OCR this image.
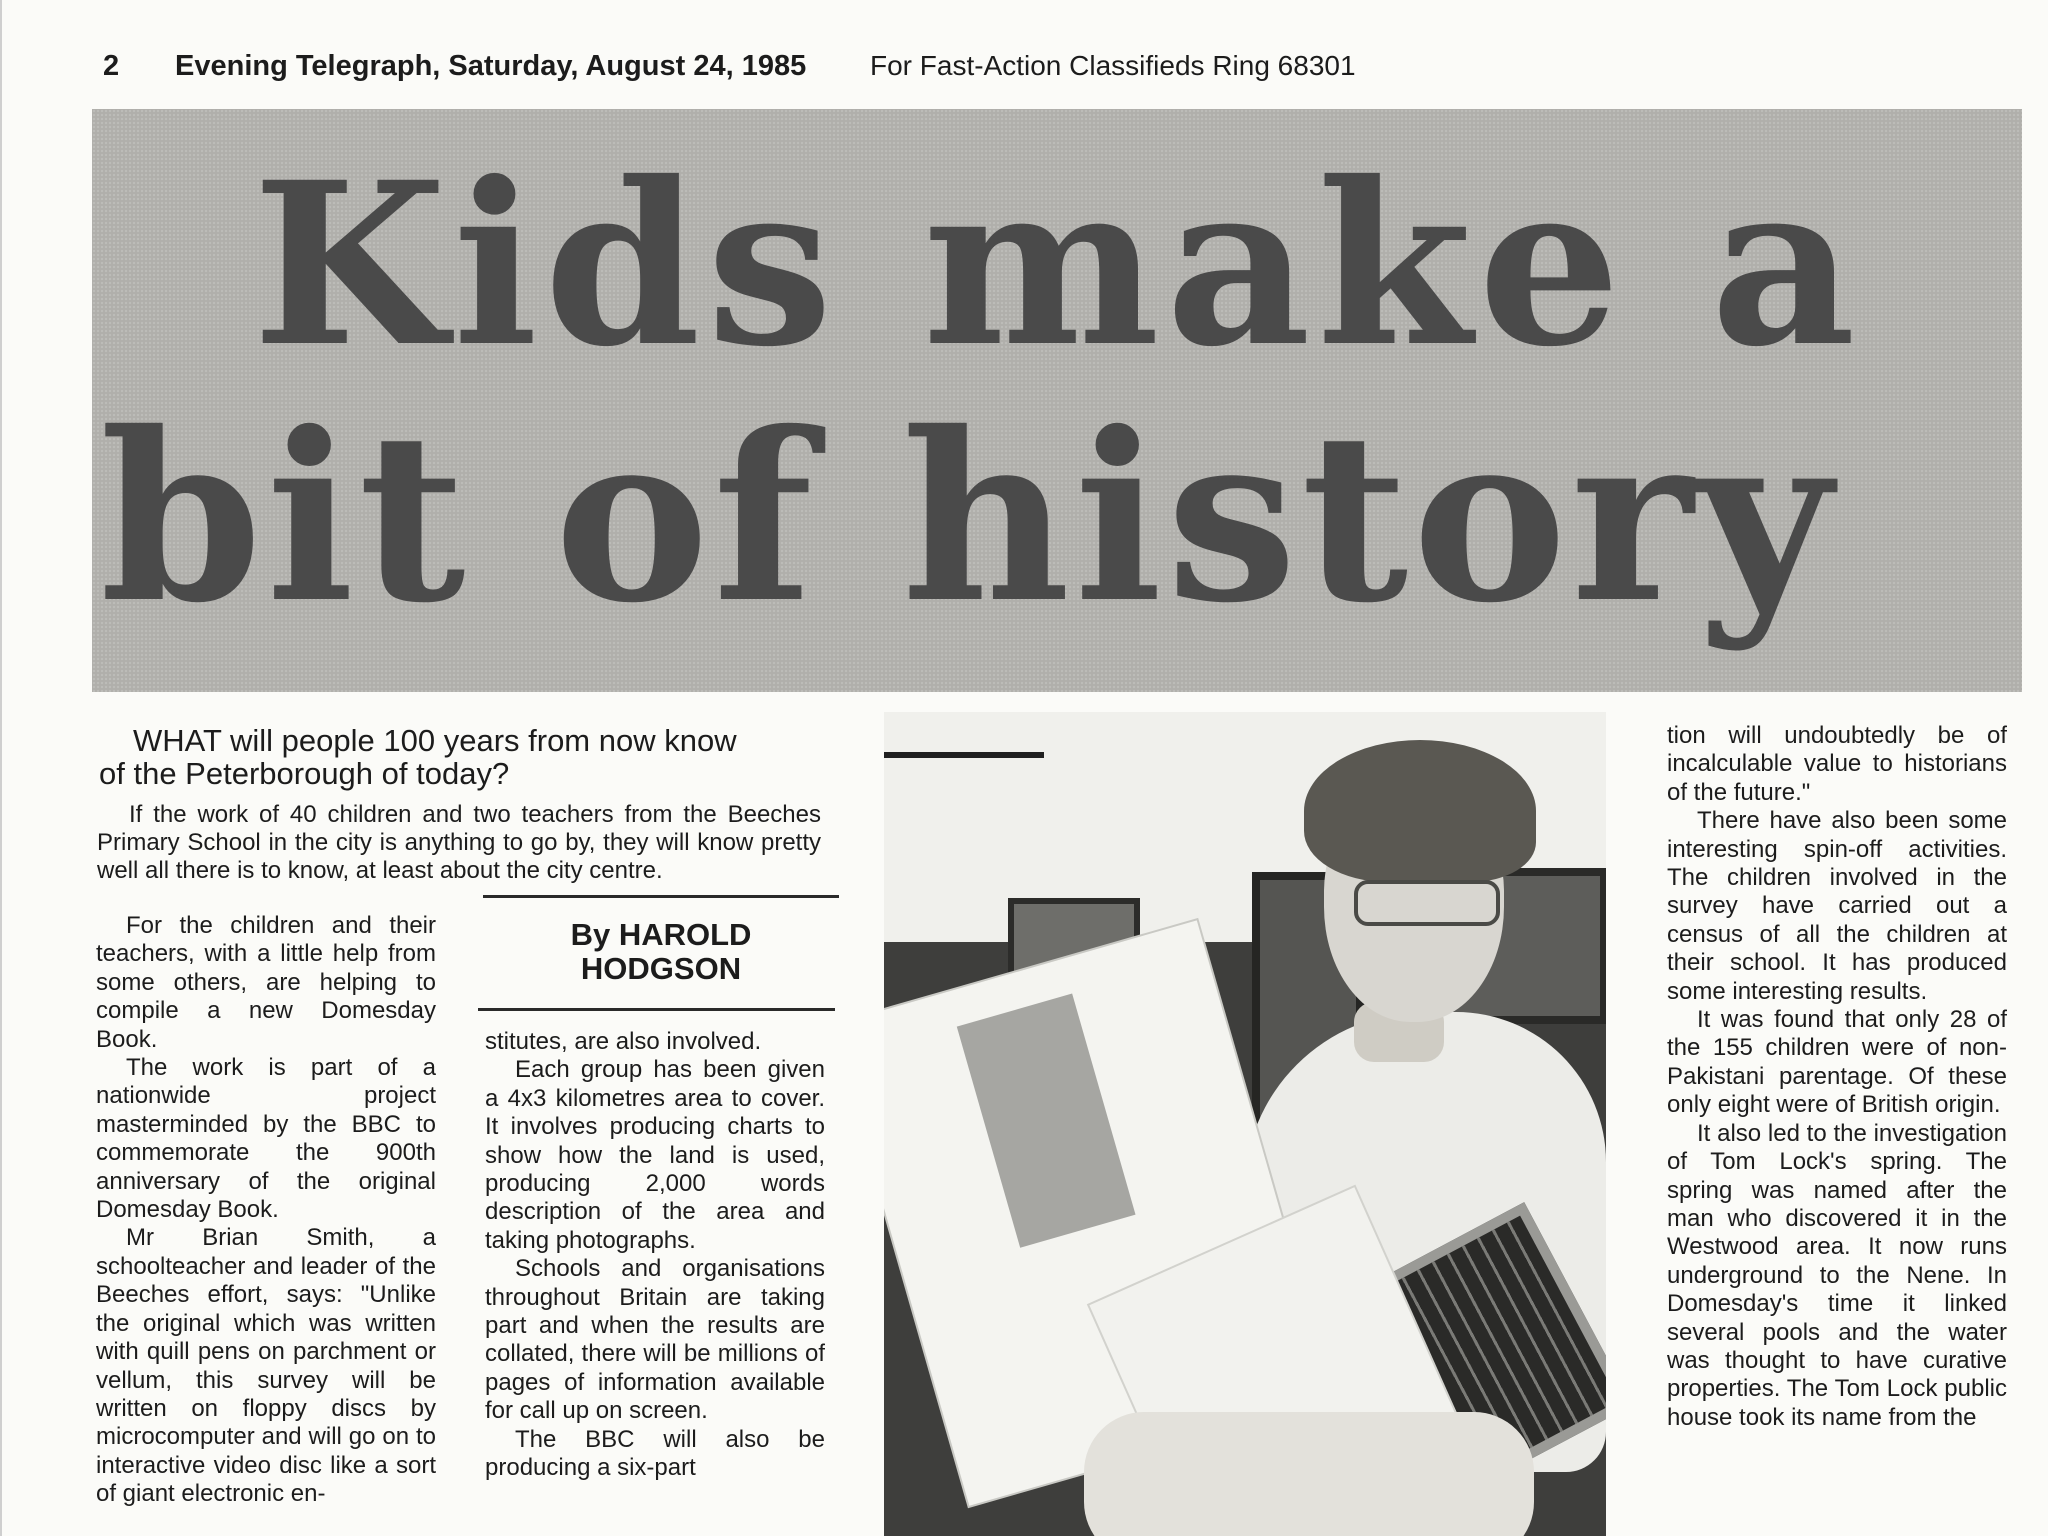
2 Evening Telegraph, Saturday, August 24, 1985 For Fast-Action Classifieds Ring 68301
Kids make a
bit of history
WHAT will people 100 years from now know
of the Peterborough of today?
If the work of 40 children and two teachers from the Beeches Primary School in the city is anything to go by, they will know pretty well all there is to know, at least about the city centre.
By HAROLD
HODGSON

For the children and their teachers, with a little help from some others, are helping to compile a new Domesday Book.

The work is part of a nationwide project masterminded by the BBC to commemorate the 900th anniversary of the original Domesday Book.

Mr Brian Smith, a schoolteacher and leader of the Beeches effort, says: "Unlike the original which was written with quill pens on parchment or vellum, this survey will be written on floppy discs by microcomputer and will go on to interactive video disc like a sort of giant electronic en-

stitutes, are also involved.

Each group has been given a 4x3 kilometres area to cover. It involves producing charts to show how the land is used, producing 2,000 words description of the area and taking photographs.

Schools and organisations throughout Britain are taking part and when the results are collated, there will be millions of pages of information available for call up on screen.

The BBC will also be producing a six-part

tion will undoubtedly be of incalculable value to historians of the future."

There have also been some interesting spin-off activities. The children involved in the survey have carried out a census of all the children at their school. It has produced some interesting results.

It was found that only 28 of the 155 children were of non-Pakistani parentage. Of these only eight were of British origin.

It also led to the investigation of Tom Lock's spring. The spring was named after the man who discovered it in the Westwood area. It now runs underground to the Nene. In Domesday's time it linked several pools and the water was thought to have curative properties. The Tom Lock public house took its name from the
